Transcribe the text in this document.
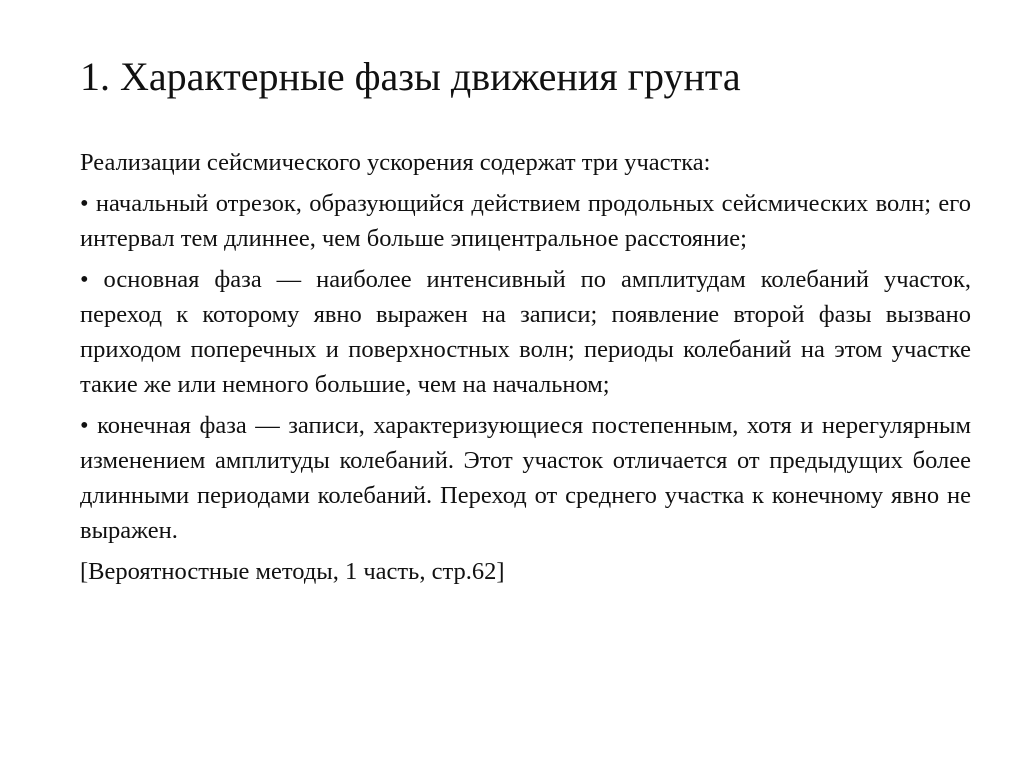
1. Характерные фазы движения грунта

Реализации сейсмического ускорения содержат три участка:

• начальный отрезок, образующийся действием продольных сейсмических волн; его интервал тем длиннее, чем больше эпицентральное расстояние;

• основная фаза — наиболее интенсивный по амплитудам колебаний участок, переход к которому явно выражен на записи; появление второй фазы вызвано приходом поперечных и поверхностных волн; периоды колебаний на этом участке такие же или немного большие, чем на начальном;

• конечная фаза — записи, характеризующиеся постепенным, хотя и нерегулярным изменением амплитуды колебаний. Этот участок отличается от предыдущих более длинными периодами колебаний. Переход от среднего участка к конечному явно не выражен.

[Вероятностные методы, 1 часть, стр.62]
